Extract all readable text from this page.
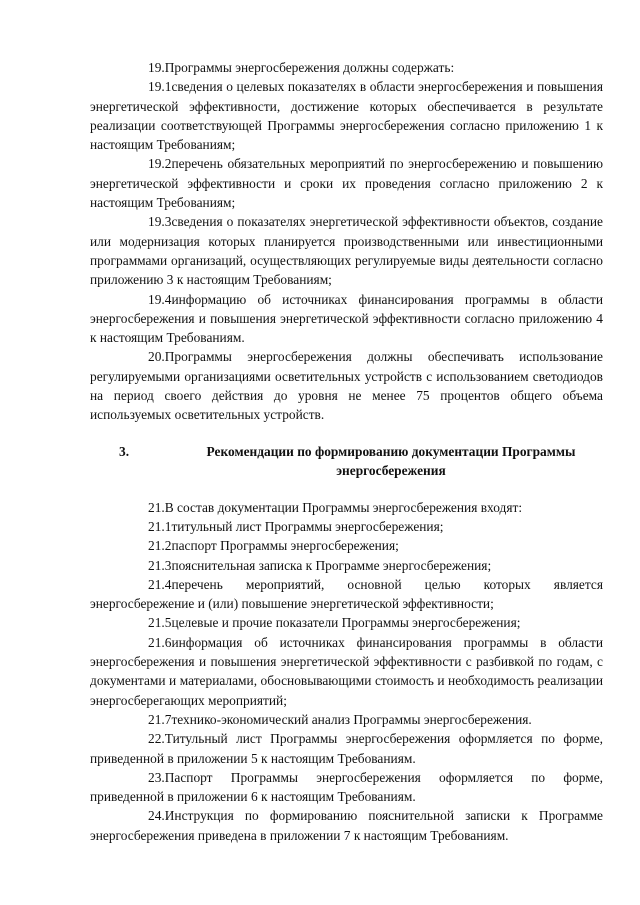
19.Программы энергосбережения должны содержать:

19.1сведения о целевых показателях в области энергосбережения и повышения энергетической эффективности, достижение которых обеспечивается в результате реализации соответствующей Программы энергосбережения согласно приложению 1 к настоящим Требованиям;

19.2перечень обязательных мероприятий по энергосбережению и повышению энергетической эффективности и сроки их проведения согласно приложению 2 к настоящим Требованиям;

19.3сведения о показателях энергетической эффективности объектов, создание или модернизация которых планируется производственными или инвестиционными программами организаций, осуществляющих регулируемые виды деятельности согласно приложению 3 к настоящим Требованиям;

19.4информацию об источниках финансирования программы в области энергосбережения и повышения энергетической эффективности согласно приложению 4 к настоящим Требованиям.

20.Программы энергосбережения должны обеспечивать использование регулируемыми организациями осветительных устройств с использованием светодиодов на период своего действия до уровня не менее 75 процентов общего объема используемых осветительных устройств.

3.	Рекомендации по формированию документации Программы энергосбережения

21.В состав документации Программы энергосбережения входят:

21.1титульный лист Программы энергосбережения;

21.2паспорт Программы энергосбережения;

21.3пояснительная записка к Программе энергосбережения;

21.4перечень мероприятий, основной целью которых является энергосбережение и (или) повышение энергетической эффективности;

21.5целевые и прочие показатели Программы энергосбережения;

21.6информация об источниках финансирования программы в области энергосбережения и повышения энергетической эффективности с разбивкой по годам, с документами и материалами, обосновывающими стоимость и необходимость реализации энергосберегающих мероприятий;

21.7технико-экономический анализ Программы энергосбережения.

22.Титульный лист Программы энергосбережения оформляется по форме, приведенной в приложении 5 к настоящим Требованиям.

23.Паспорт Программы энергосбережения оформляется по форме, приведенной в приложении 6 к настоящим Требованиям.

24.Инструкция по формированию пояснительной записки к Программе энергосбережения приведена в приложении 7 к настоящим Требованиям.
